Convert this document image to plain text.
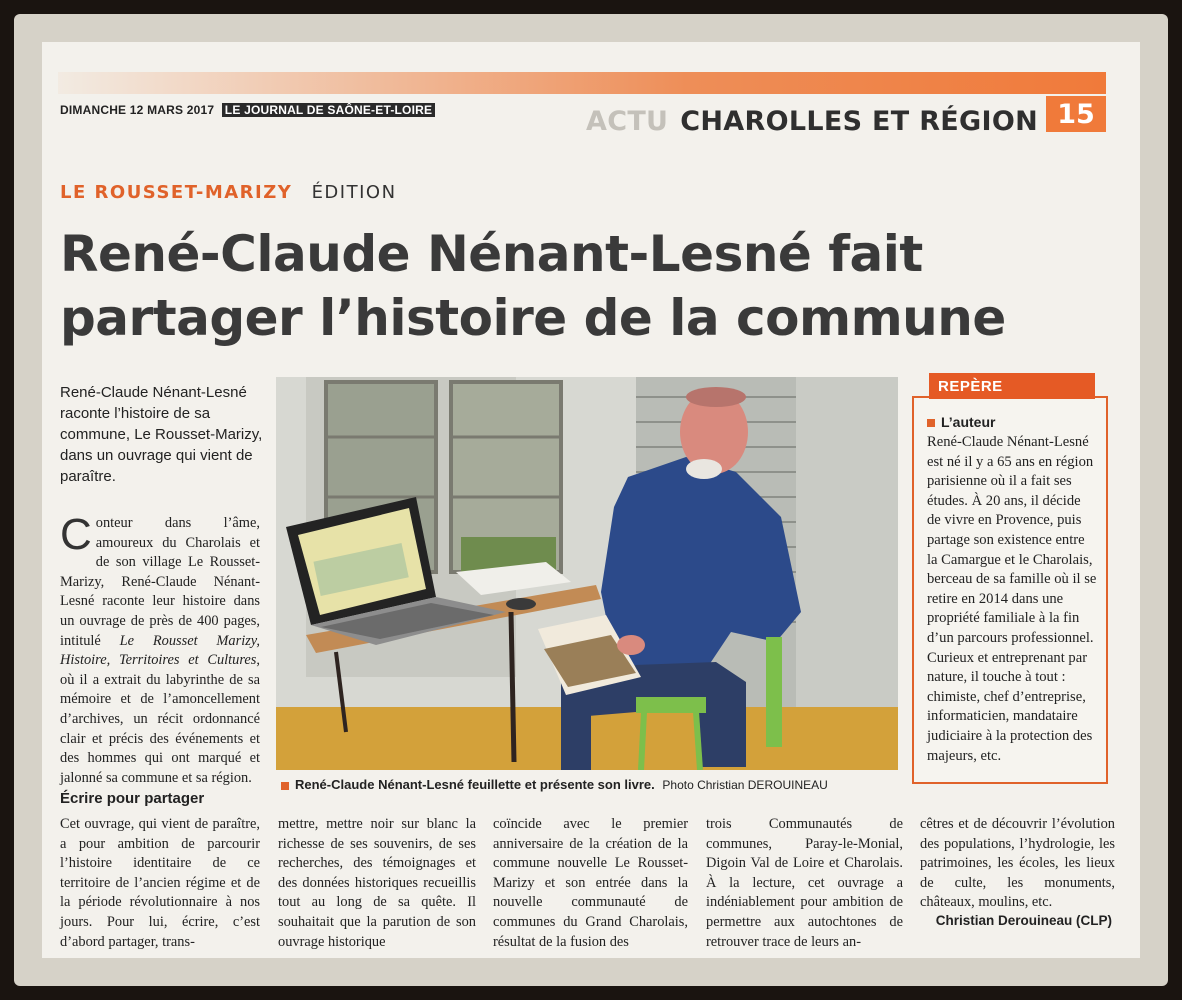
DIMANCHE 12 MARS 2017 LE JOURNAL DE SAÔNE-ET-LOIRE	ACTU CHAROLLES ET RÉGION 15
LE ROUSSET-MARIZY ÉDITION
René-Claude Nénant-Lesné fait partager l’histoire de la commune
René-Claude Nénant-Lesné raconte l’histoire de sa commune, Le Rousset-Marizy, dans un ouvrage qui vient de paraître.

Conteur dans l’âme, amoureux du Charolais et de son village Le Rousset-Marizy, René-Claude Nénant-Lesné raconte leur histoire dans un ouvrage de près de 400 pages, intitulé Le Rousset Marizy, Histoire, Territoires et Cultures, où il a extrait du labyrinthe de sa mémoire et de l’amoncellement d’archives, un récit ordonnancé clair et précis des événements et des hommes qui ont marqué et jalonné sa commune et sa région.

Écrire pour partager

Cet ouvrage, qui vient de paraître, a pour ambition de parcourir l’histoire identitaire de ce territoire de l’ancien régime et de la période révolutionnaire à nos jours. Pour lui, écrire, c’est d’abord partager, trans-

mettre, mettre noir sur blanc la richesse de ses souvenirs, de ses recherches, des témoignages et des données historiques recueillis tout au long de sa quête. Il souhaitait que la parution de son ouvrage historique

coïncide avec le premier anniversaire de la création de la commune nouvelle Le Rousset-Marizy et son entrée dans la nouvelle communauté de communes du Grand Charolais, résultat de la fusion des

trois Communautés de communes, Paray-le-Monial, Digoin Val de Loire et Charolais. À la lecture, cet ouvrage a indéniablement pour ambition de permettre aux autochtones de retrouver trace de leurs an-

cêtres et de découvrir l’évolution des populations, l’hydrologie, les patrimoines, les écoles, les lieux de culte, les monuments, châteaux, moulins, etc.

Christian Derouineau (CLP)
René-Claude Nénant-Lesné feuillette et présente son livre. Photo Christian DEROUINEAU
REPÈRE
L’auteur

René-Claude Nénant-Lesné est né il y a 65 ans en région parisienne où il a fait ses études. À 20 ans, il décide de vivre en Provence, puis partage son existence entre la Camargue et le Charolais, berceau de sa famille où il se retire en 2014 dans une propriété familiale à la fin d’un parcours professionnel. Curieux et entreprenant par nature, il touche à tout : chimiste, chef d’entreprise, informaticien, mandataire judiciaire à la protection des majeurs, etc.
